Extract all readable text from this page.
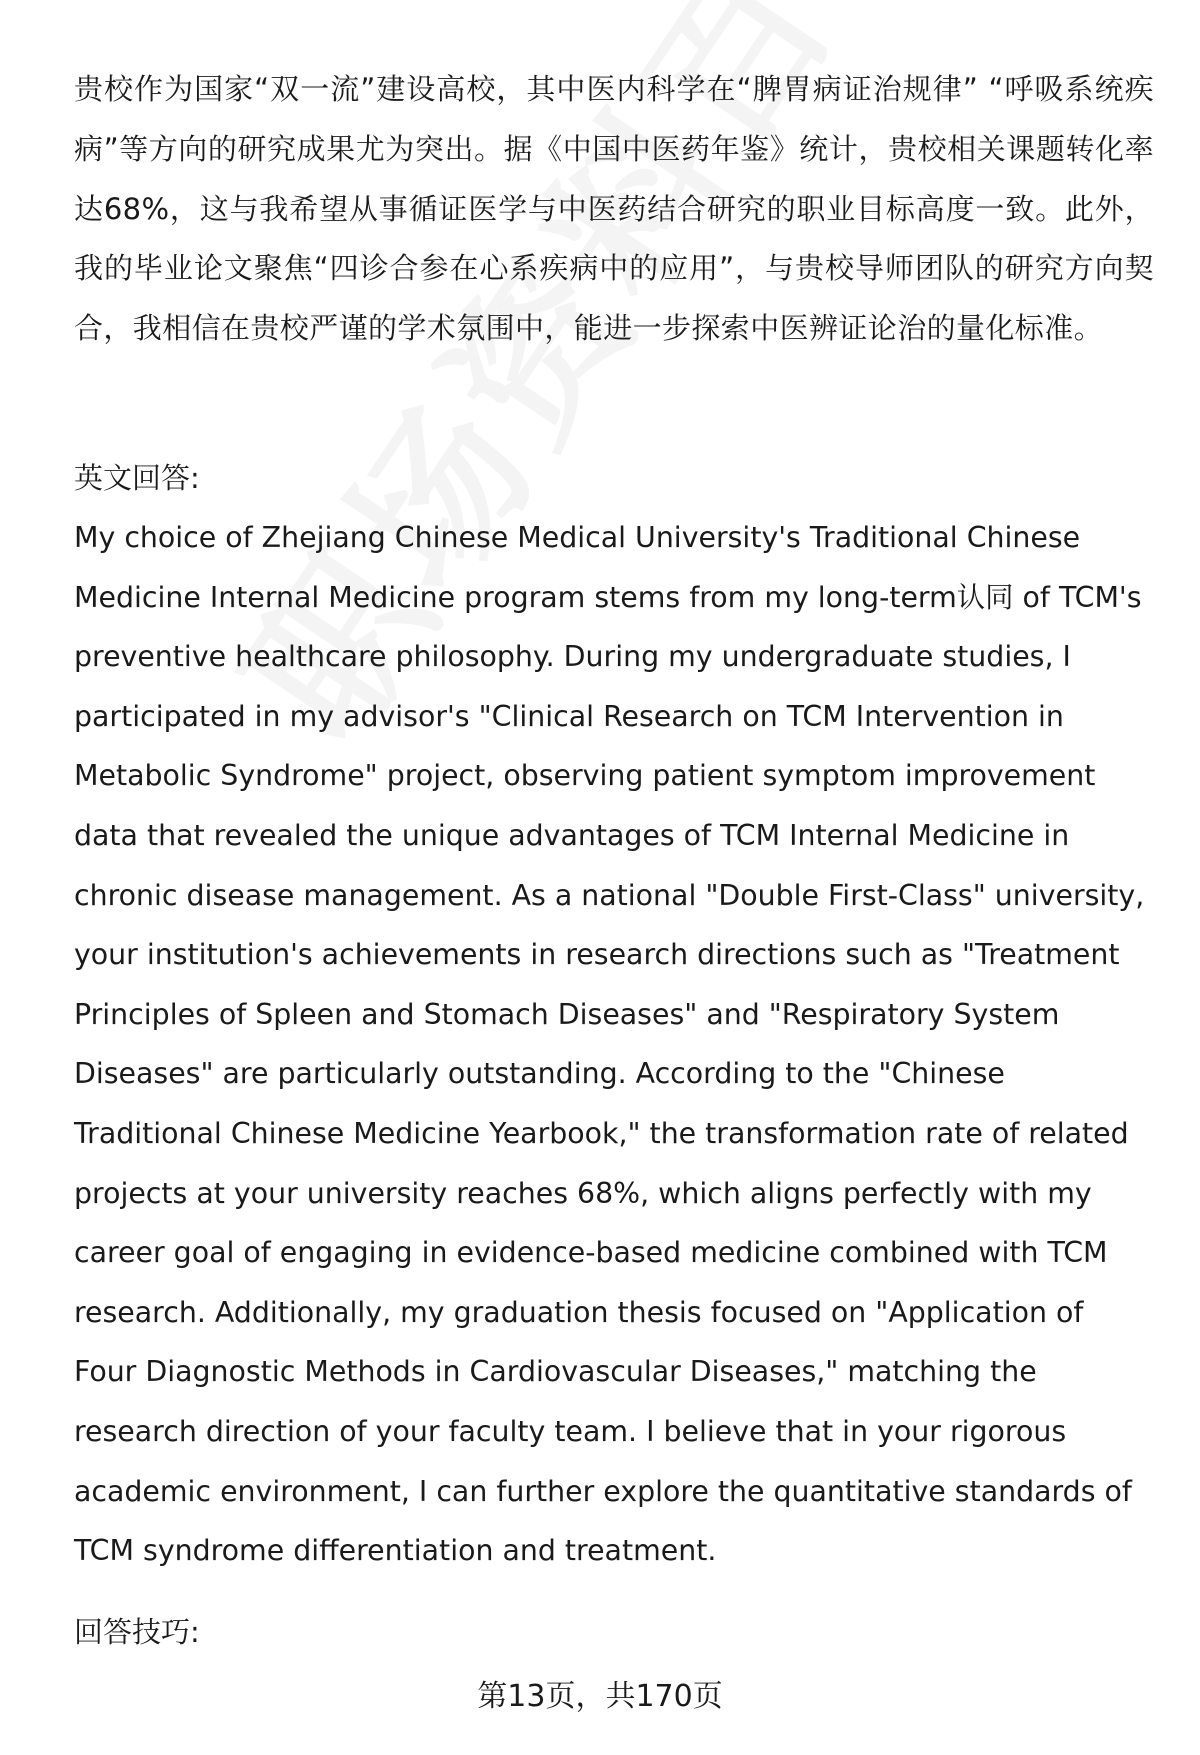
贵校作为国家“双一流”建设高校，其中医内科学在“脾胃病证治规律” “呼吸系统疾病”等方向的研究成果尤为突出。据《中国中医药年鉴》统计，贵校相关课题转化率达68%，这与我希望从事循证医学与中医药结合研究的职业目标高度一致。此外，我的毕业论文聚焦“四诊合参在心系疾病中的应用”，与贵校导师团队的研究方向契合，我相信在贵校严谨的学术氛围中，能进一步探索中医辨证论治的量化标准。

英文回答:

My choice of Zhejiang Chinese Medical University's Traditional Chinese Medicine Internal Medicine program stems from my long-term认同 of TCM's preventive healthcare philosophy. During my undergraduate studies, I participated in my advisor's "Clinical Research on TCM Intervention in Metabolic Syndrome" project, observing patient symptom improvement data that revealed the unique advantages of TCM Internal Medicine in chronic disease management. As a national "Double First-Class" university, your institution's achievements in research directions such as "Treatment Principles of Spleen and Stomach Diseases" and "Respiratory System Diseases" are particularly outstanding. According to the "Chinese Traditional Chinese Medicine Yearbook," the transformation rate of related projects at your university reaches 68%, which aligns perfectly with my career goal of engaging in evidence-based medicine combined with TCM research. Additionally, my graduation thesis focused on "Application of Four Diagnostic Methods in Cardiovascular Diseases," matching the research direction of your faculty team. I believe that in your rigorous academic environment, I can further explore the quantitative standards of TCM syndrome differentiation and treatment.

回答技巧:

第13页，共170页
